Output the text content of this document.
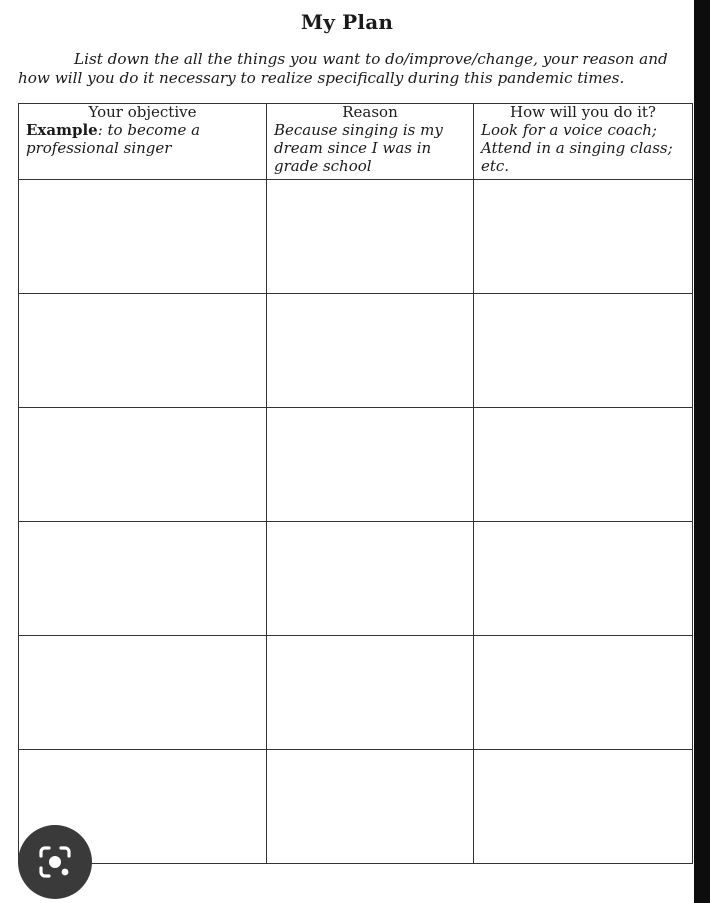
My Plan
List down the all the things you want to do/improve/change, your reason and
how will you do it necessary to realize specifically during this pandemic times.
Your objective	Reason	How will you do it?
Example: to become a professional singer	Because singing is my dream since I was in grade school	Look for a voice coach; Attend in a singing class; etc.
